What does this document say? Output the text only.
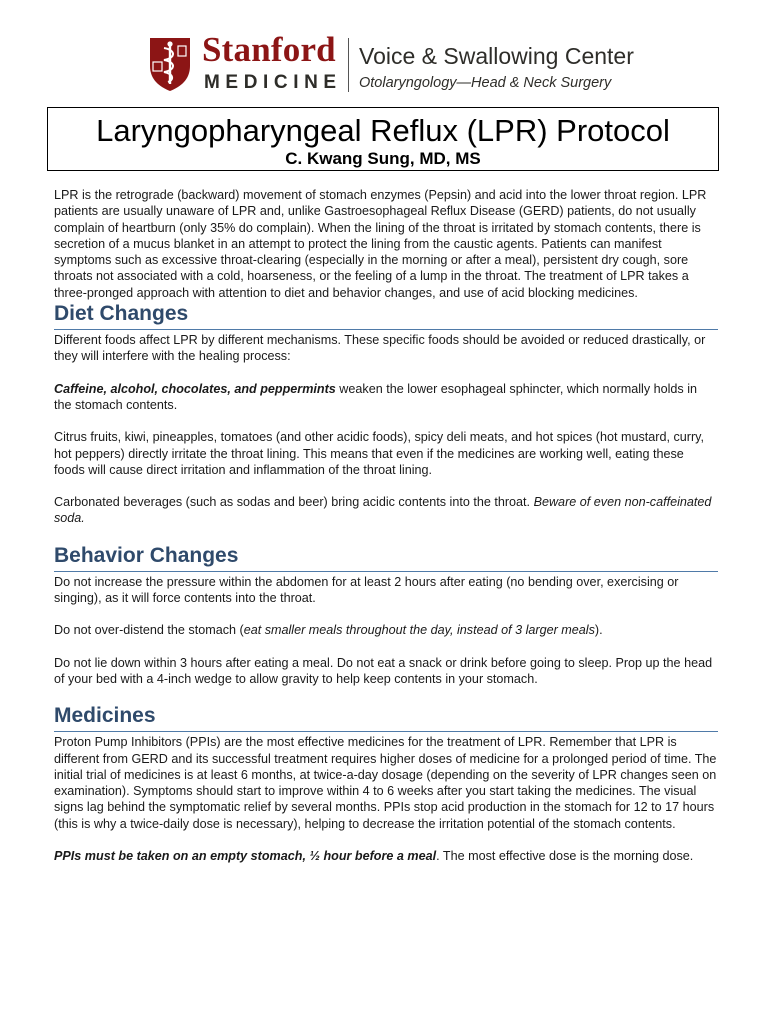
Stanford
MEDICINE
Voice & Swallowing Center
Otolaryngology—Head & Neck Surgery
Laryngopharyngeal Reflux (LPR) Protocol

C. Kwang Sung, MD, MS

LPR is the retrograde (backward) movement of stomach enzymes (Pepsin) and acid into the lower throat region. LPR patients are usually unaware of LPR and, unlike Gastroesophageal Reflux Disease (GERD) patients, do not usually complain of heartburn (only 35% do complain). When the lining of the throat is irritated by stomach contents, there is secretion of a mucus blanket in an attempt to protect the lining from the caustic agents. Patients can manifest symptoms such as excessive throat-clearing (especially in the morning or after a meal), persistent dry cough, sore throats not associated with a cold, hoarseness, or the feeling of a lump in the throat. The treatment of LPR takes a three-pronged approach with attention to diet and behavior changes, and use of acid blocking medicines.

Diet Changes

Different foods affect LPR by different mechanisms. These specific foods should be avoided or reduced drastically, or they will interfere with the healing process:

Caffeine, alcohol, chocolates, and peppermints weaken the lower esophageal sphincter, which normally holds in the stomach contents.

Citrus fruits, kiwi, pineapples, tomatoes (and other acidic foods), spicy deli meats, and hot spices (hot mustard, curry, hot peppers) directly irritate the throat lining. This means that even if the medicines are working well, eating these foods will cause direct irritation and inflammation of the throat lining.

Carbonated beverages (such as sodas and beer) bring acidic contents into the throat. Beware of even non-caffeinated soda.

Behavior Changes

Do not increase the pressure within the abdomen for at least 2 hours after eating (no bending over, exercising or singing), as it will force contents into the throat.

Do not over-distend the stomach (eat smaller meals throughout the day, instead of 3 larger meals).

Do not lie down within 3 hours after eating a meal. Do not eat a snack or drink before going to sleep. Prop up the head of your bed with a 4-inch wedge to allow gravity to help keep contents in your stomach.

Medicines

Proton Pump Inhibitors (PPIs) are the most effective medicines for the treatment of LPR. Remember that LPR is different from GERD and its successful treatment requires higher doses of medicine for a prolonged period of time. The initial trial of medicines is at least 6 months, at twice-a-day dosage (depending on the severity of LPR changes seen on examination). Symptoms should start to improve within 4 to 6 weeks after you start taking the medicines. The visual signs lag behind the symptomatic relief by several months. PPIs stop acid production in the stomach for 12 to 17 hours (this is why a twice-daily dose is necessary), helping to decrease the irritation potential of the stomach contents.

PPIs must be taken on an empty stomach, ½ hour before a meal. The most effective dose is the morning dose.
